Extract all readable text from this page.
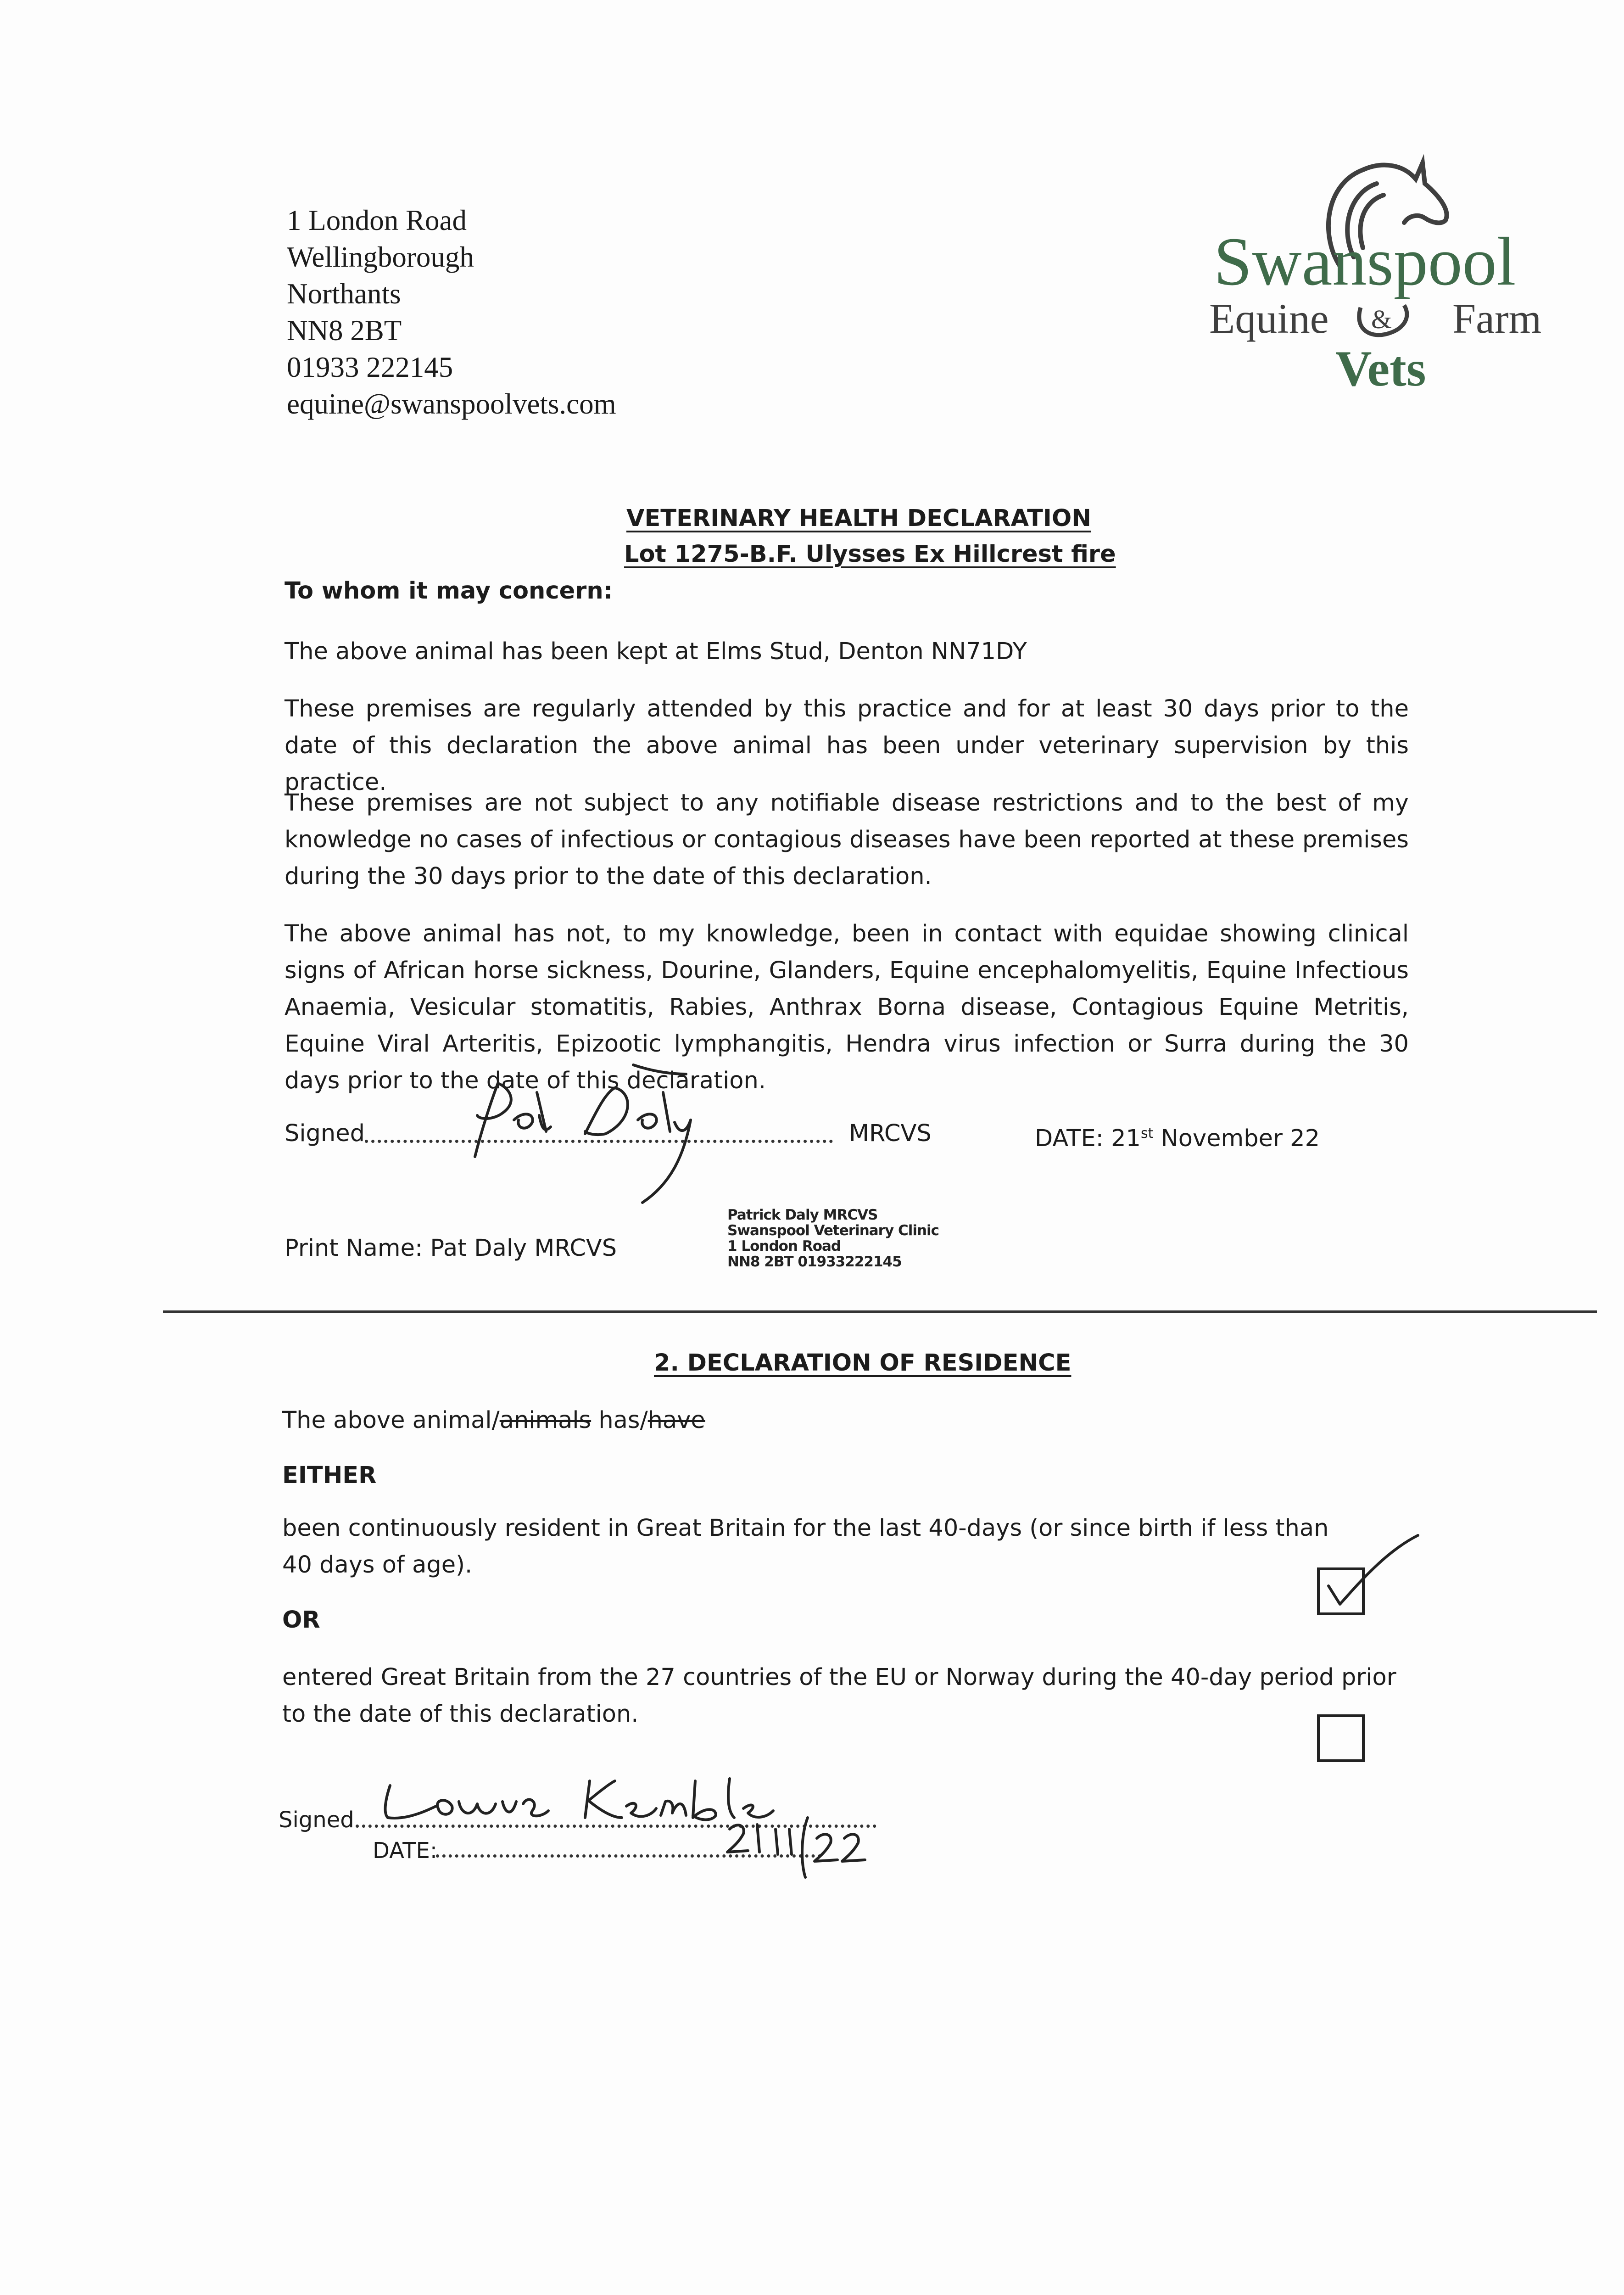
1 London Road
Wellingborough
Northants
NN8 2BT
01933 222145
equine@swanspoolvets.com
Swanspool
Equine & Farm
Vets
VETERINARY HEALTH DECLARATION
Lot 1275-B.F. Ulysses Ex Hillcrest fire
To whom it may concern:
The above animal has been kept at Elms Stud, Denton NN71DY
These premises are regularly attended by this practice and for at least 30 days prior to the date of this declaration the above animal has been under veterinary supervision by this practice.
These premises are not subject to any notifiable disease restrictions and to the best of my knowledge no cases of infectious or contagious diseases have been reported at these premises during the 30 days prior to the date of this declaration.
The above animal has not, to my knowledge, been in contact with equidae showing clinical signs of African horse sickness, Dourine, Glanders, Equine encephalomyelitis, Equine Infectious Anaemia, Vesicular stomatitis, Rabies, Anthrax Borna disease, Contagious Equine Metritis, Equine Viral Arteritis, Epizootic lymphangitis, Hendra virus infection or Surra during the 30 days prior to the date of this declaration.
Signed	MRCVS	DATE: 21st November 22
Print Name: Pat Daly MRCVS
Patrick Daly MRCVS
Swanspool Veterinary Clinic
1 London Road
NN8 2BT 01933222145
2. DECLARATION OF RESIDENCE
The above animal/animals has/have
EITHER
been continuously resident in Great Britain for the last 40-days (or since birth if less than 40 days of age).
OR
entered Great Britain from the 27 countries of the EU or Norway during the 40-day period prior to the date of this declaration.
Signed
DATE:
